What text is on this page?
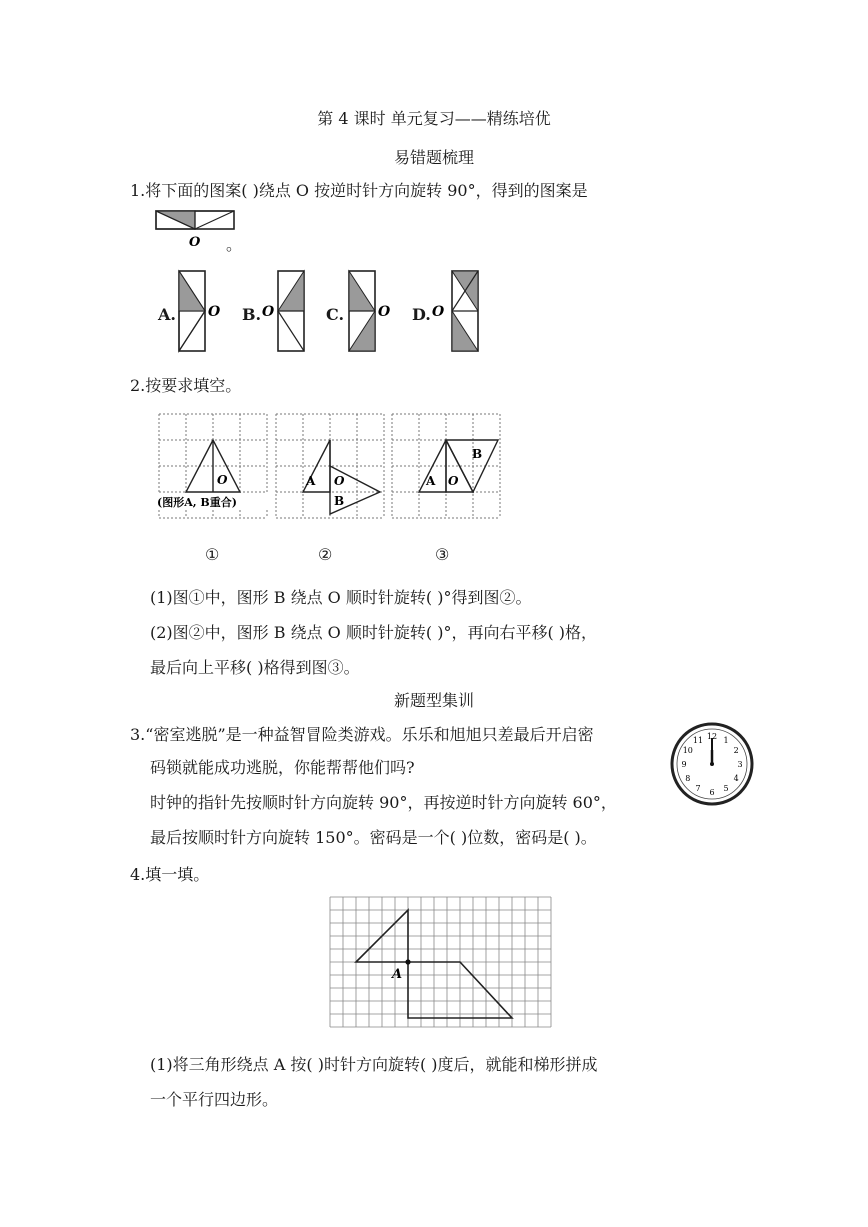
第 4 课时 单元复习——精练培优
易错题梳理
1.将下面的图案( )绕点 O 按逆时针方向旋转 90°，得到的图案是
O 。
A. O B. O	C. O D. O
2.按要求填空。
O
(图形A, B重合)
①
A O
B
②
A O
B
③
(1)图①中，图形 B 绕点 O 顺时针旋转( )°得到图②。
(2)图②中，图形 B 绕点 O 顺时针旋转( )°，再向右平移( )格，
最后向上平移( )格得到图③。
新题型集训
3.“密室逃脱”是一种益智冒险类游戏。乐乐和旭旭只差最后开启密
码锁就能成功逃脱，你能帮帮他们吗?
时钟的指针先按顺时针方向旋转 90°，再按逆时针方向旋转 60°，
最后按顺时针方向旋转 150°。密码是一个( )位数，密码是( )。
12 1
2
3
4
5
6
7
8
9
10
11
4.填一填。
A
(1)将三角形绕点 A 按( )时针方向旋转( )度后，就能和梯形拼成
一个平行四边形。
